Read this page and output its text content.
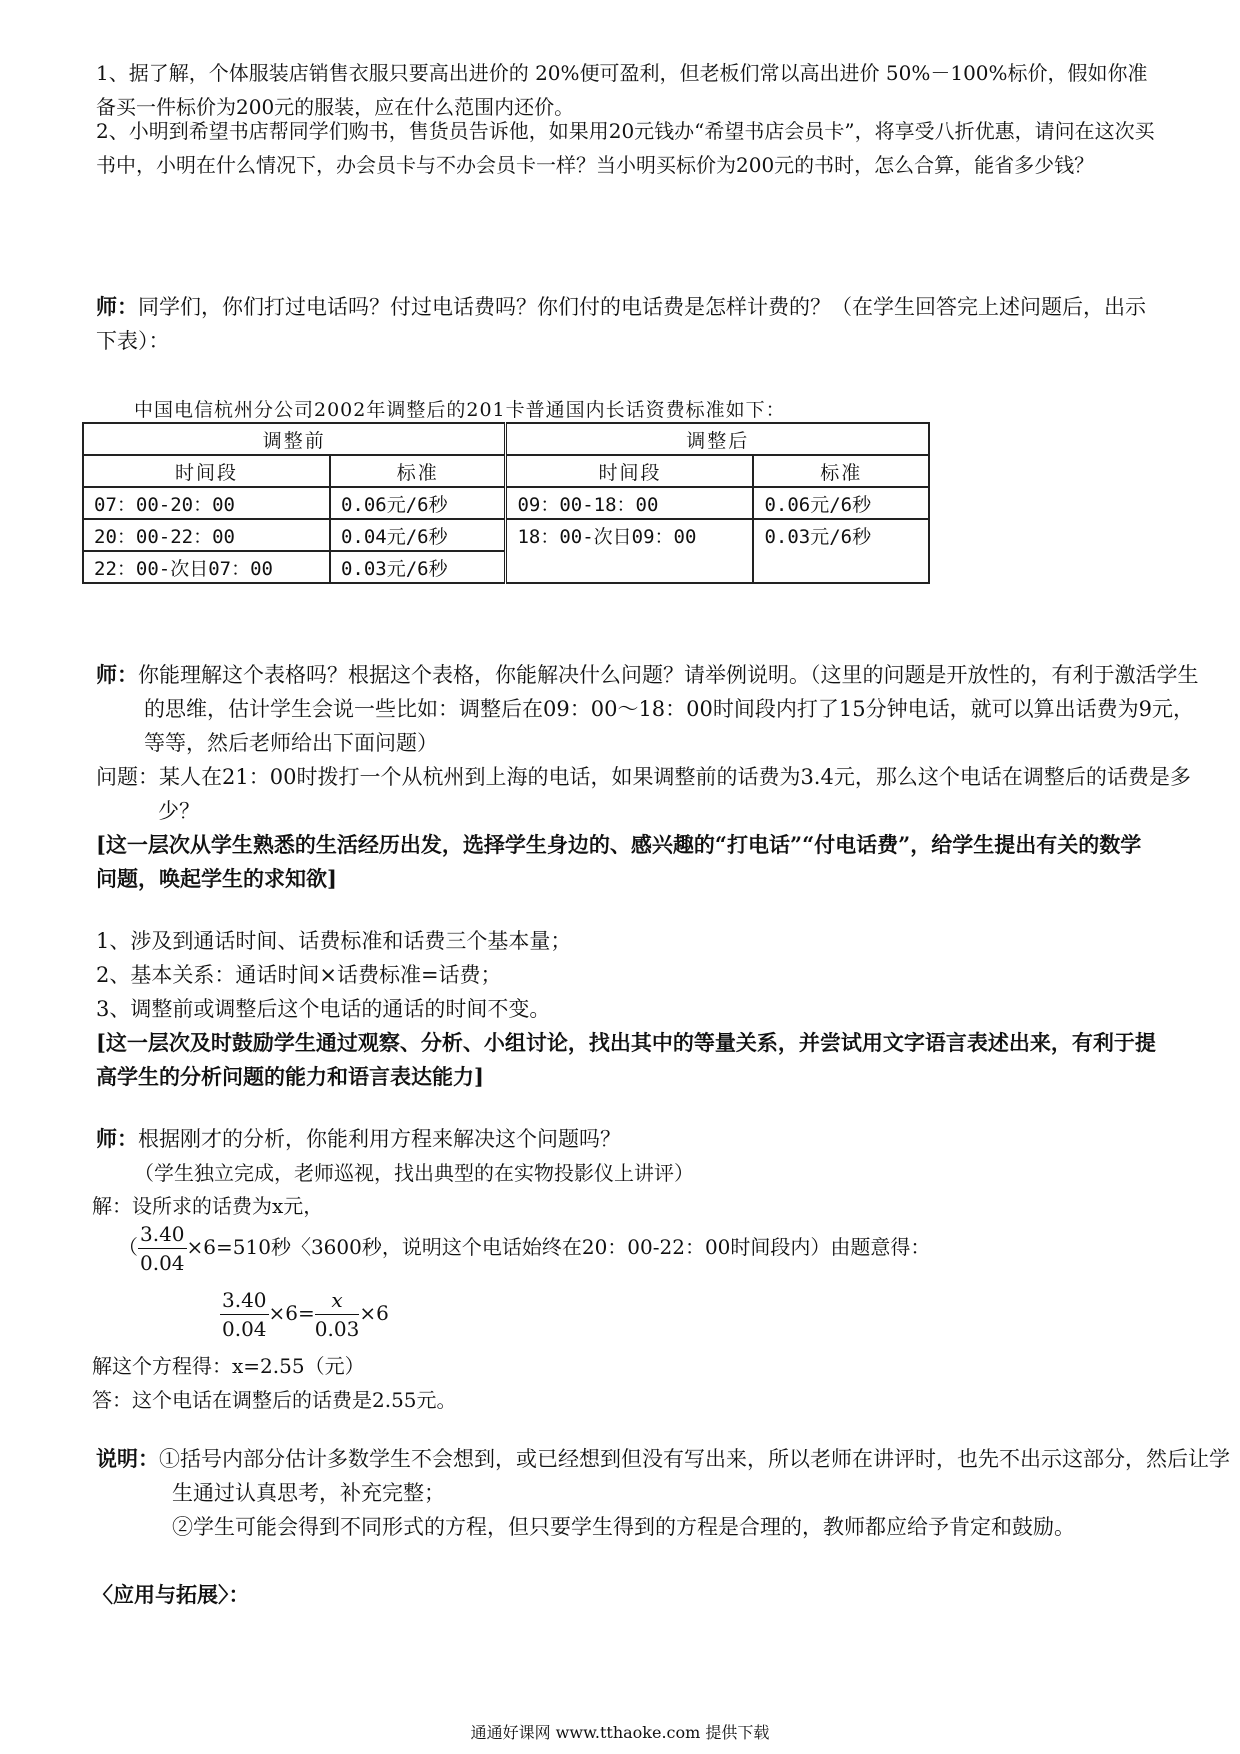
1、据了解，个体服装店销售衣服只要高出进价的 20%便可盈利，但老板们常以高出进价 50%－100%标价，假如你准备买一件标价为200元的服装，应在什么范围内还价。

2、小明到希望书店帮同学们购书，售货员告诉他，如果用20元钱办“希望书店会员卡”，将享受八折优惠，请问在这次买书中，小明在什么情况下，办会员卡与不办会员卡一样？当小明买标价为200元的书时，怎么合算，能省多少钱？

师：同学们，你们打过电话吗？付过电话费吗？你们付的电话费是怎样计费的？（在学生回答完上述问题后，出示下表）：

中国电信杭州分公司2002年调整后的201卡普通国内长话资费标准如下：
调整前		调整后	
时间段	标准	时间段	标准
07：00-20：00	0.06元/6秒	09：00-18：00	0.06元/6秒
20：00-22：00	0.04元/6秒	18：00-次日09：00	0.03元/6秒
22：00-次日07：00	0.03元/6秒		

师：你能理解这个表格吗？根据这个表格，你能解决什么问题？请举例说明。（这里的问题是开放性的，有利于激活学生的思维，估计学生会说一些比如：调整后在09：00～18：00时间段内打了15分钟电话，就可以算出话费为9元，等等，然后老师给出下面问题）

问题：某人在21：00时拨打一个从杭州到上海的电话，如果调整前的话费为3.4元，那么这个电话在调整后的话费是多少？

[这一层次从学生熟悉的生活经历出发，选择学生身边的、感兴趣的“打电话”“付电话费”，给学生提出有关的数学问题，唤起学生的求知欲]

1、涉及到通话时间、话费标准和话费三个基本量；

2、基本关系：通话时间×话费标准=话费；

3、调整前或调整后这个电话的通话的时间不变。

[这一层次及时鼓励学生通过观察、分析、小组讨论，找出其中的等量关系，并尝试用文字语言表述出来，有利于提高学生的分析问题的能力和语言表达能力]

师：根据刚才的分析，你能利用方程来解决这个问题吗？

（学生独立完成，老师巡视，找出典型的在实物投影仪上讲评）

解：设所求的话费为x元，
（ $\frac{3.40}{0.04} \times 6=510$秒〈3600秒，说明这个电话始终在20：00-22：00时间段内）由题意得：
$\frac{3.40}{0.04} \times 6= \frac{x}{0.03} \times 6$
解这个方程得：x=2.55（元）
答：这个电话在调整后的话费是2.55元。

说明：①括号内部分估计多数学生不会想到，或已经想到但没有写出来，所以老师在讲评时，也先不出示这部分，然后让学生通过认真思考，补充完整；

②学生可能会得到不同形式的方程，但只要学生得到的方程是合理的，教师都应给予肯定和鼓励。

〈应用与拓展〉：

通通好课网 www.tthaoke.com 提供下载
